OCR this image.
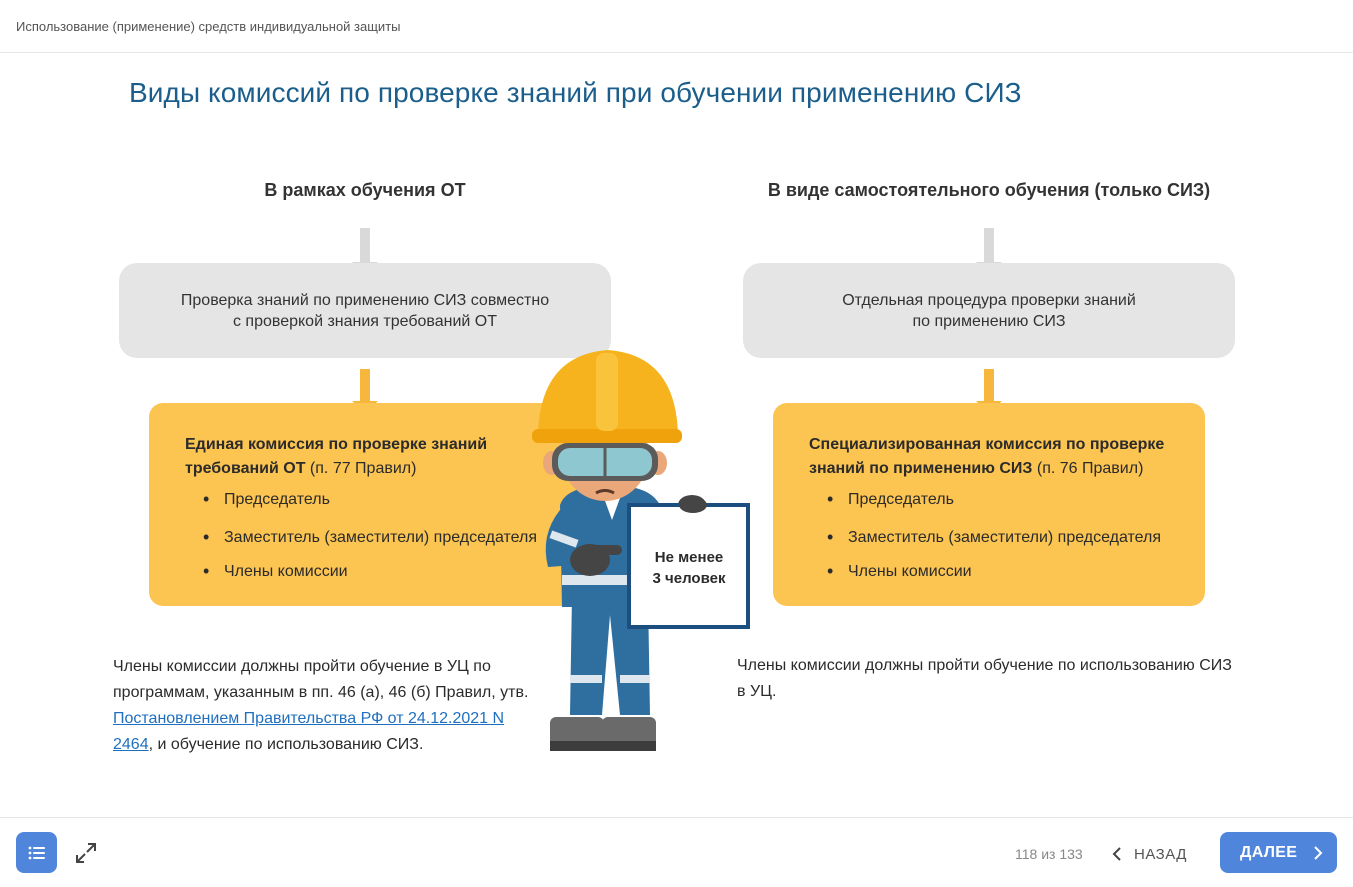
Использование (применение) средств индивидуальной защиты
Виды комиссий по проверке знаний при обучении применению СИЗ
В рамках обучения ОТ	В виде самостоятельного обучения (только СИЗ)
Проверка знаний по применению СИЗ совместно
с проверкой знания требований ОТ
Отдельная процедура проверки знаний
по применению СИЗ
Единая комиссия по проверке знаний требований ОТ (п. 77 Правил)
• Председатель
• Заместитель (заместители) председателя
• Члены комиссии
Специализированная комиссия по проверке знаний по применению СИЗ (п. 76 Правил)
• Председатель
• Заместитель (заместители) председателя
• Члены комиссии
Члены комиссии должны пройти обучение в УЦ по программам, указанным в пп. 46 (а), 46 (б) Правил, утв. Постановлением Правительства РФ от 24.12.2021 N 2464, и обучение по использованию СИЗ.
Члены комиссии должны пройти обучение по использованию СИЗ в УЦ.
Не менее
3 человек
118 из 133	НАЗАД	ДАЛЕЕ
